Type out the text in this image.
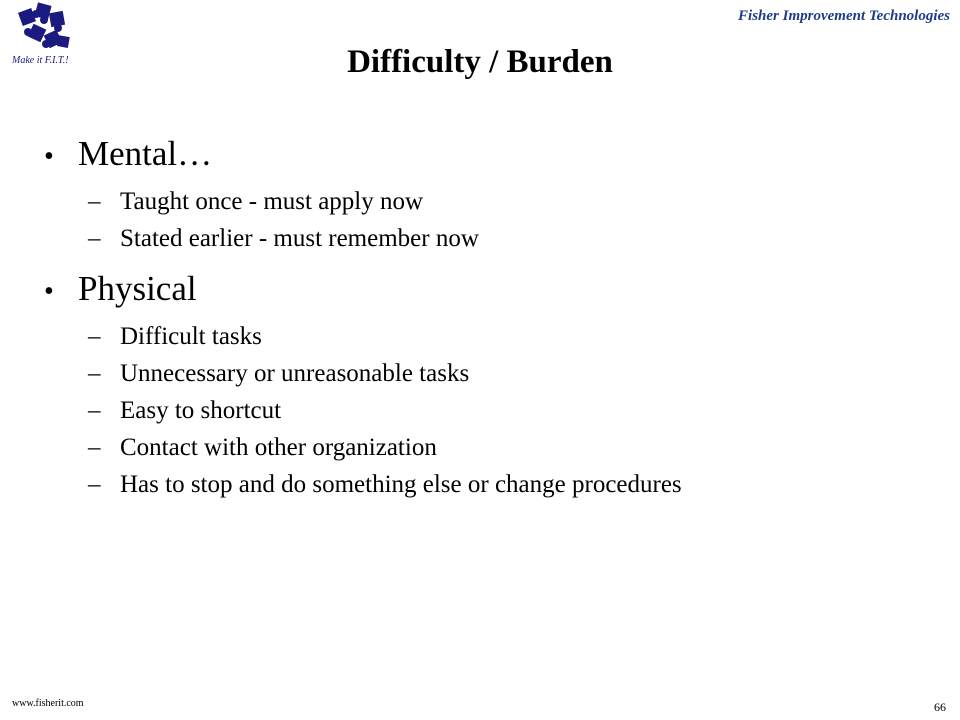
Make it F.I.T.!
Fisher Improvement Technologies
Difficulty / Burden
• Mental…
– Taught once - must apply now
– Stated earlier - must remember now
• Physical
– Difficult tasks
– Unnecessary or unreasonable tasks
– Easy to shortcut
– Contact with other organization
– Has to stop and do something else or change procedures
www.fisherit.com	66
